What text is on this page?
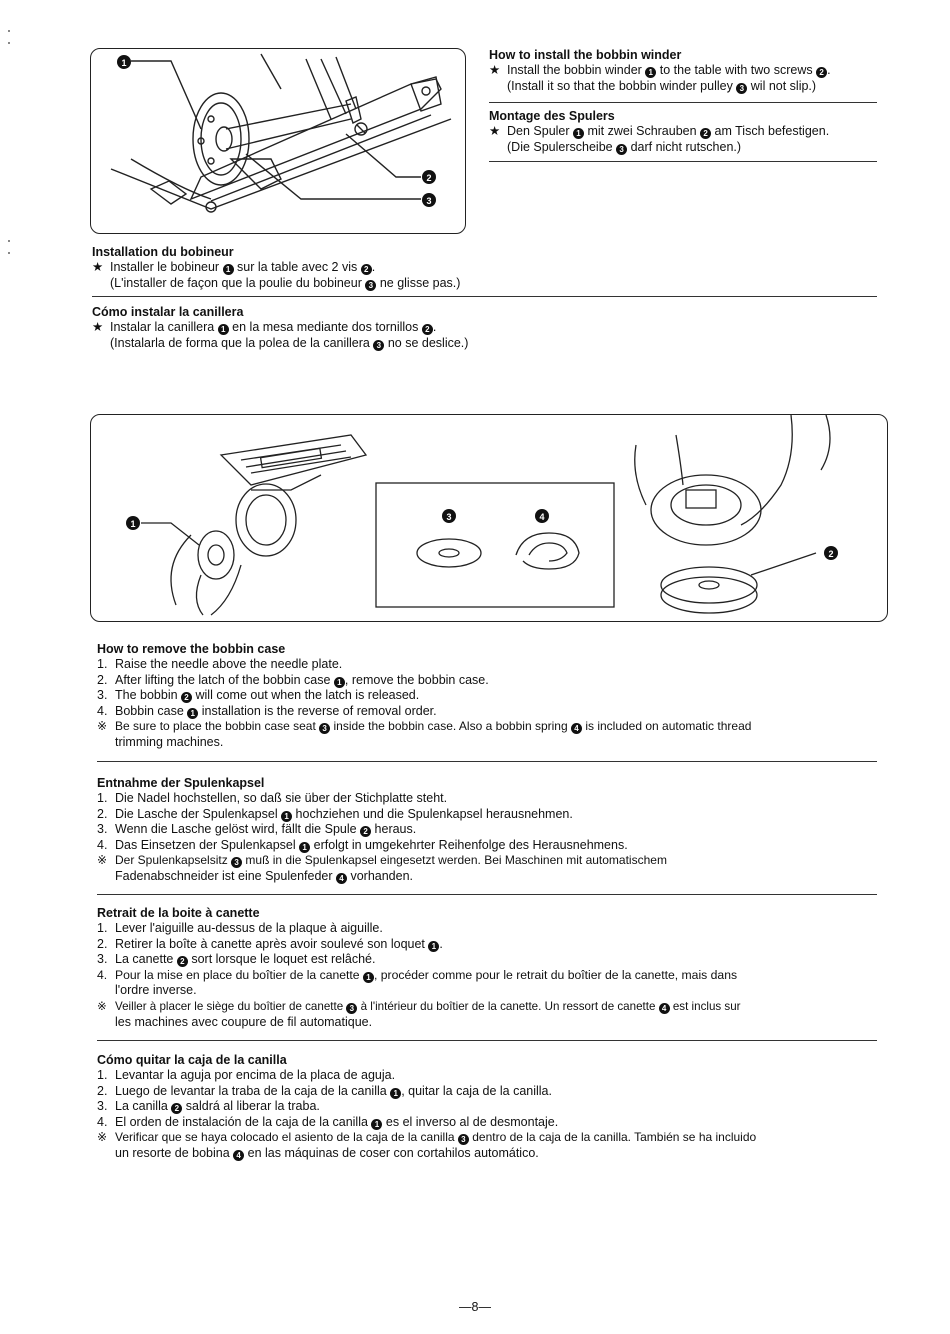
1
2
3
How to install the bobbin winder
★ Install the bobbin winder 1 to the table with two screws 2 .
(Install it so that the bobbin winder pulley 3 wil not slip.)
Montage des Spulers
★ Den Spuler 1 mit zwei Schrauben 2 am Tisch befestigen.
(Die Spulerscheibe 3 darf nicht rutschen.)
Installation du bobineur
★ Installer le bobineur 1 sur la table avec 2 vis 2 .
(L'installer de façon que la poulie du bobineur 3 ne glisse pas.)
Cómo instalar la canillera
★ Instalar la canillera 1 en la mesa mediante dos tornillos 2 .
(Instalarla de forma que la polea de la canillera 3 no se deslice.)
1
3	4
2
How to remove the bobbin case
1. Raise the needle above the needle plate.
2. After lifting the latch of the bobbin case 1 , remove the bobbin case.
3. The bobbin 2 will come out when the latch is released.
4. Bobbin case 1 installation is the reverse of removal order.
※ Be sure to place the bobbin case seat 3 inside the bobbin case. Also a bobbin spring 4 is included on automatic thread
trimming machines.
Entnahme der Spulenkapsel
1. Die Nadel hochstellen, so daß sie über der Stichplatte steht.
2. Die Lasche der Spulenkapsel 1 hochziehen und die Spulenkapsel herausnehmen.
3. Wenn die Lasche gelöst wird, fällt die Spule 2 heraus.
4. Das Einsetzen der Spulenkapsel 1 erfolgt in umgekehrter Reihenfolge des Herausnehmens.
※ Der Spulenkapselsitz 3 muß in die Spulenkapsel eingesetzt werden. Bei Maschinen mit automatischem
Fadenabschneider ist eine Spulenfeder 4 vorhanden.
Retrait de la boite à canette
1. Lever l'aiguille au-dessus de la plaque à aiguille.
2. Retirer la boîte à canette après avoir soulevé son loquet 1 .
3. La canette 2 sort lorsque le loquet est relâché.
4. Pour la mise en place du boîtier de la canette 1 , procéder comme pour le retrait du boîtier de la canette, mais dans
l'ordre inverse.
※ Veiller à placer le siège du boîtier de canette 3 à l'intérieur du boîtier de la canette. Un ressort de canette 4 est inclus sur
les machines avec coupure de fil automatique.
Cómo quitar la caja de la canilla
1. Levantar la aguja por encima de la placa de aguja.
2. Luego de levantar la traba de la caja de la canilla 1 , quitar la caja de la canilla.
3. La canilla 2 saldrá al liberar la traba.
4. El orden de instalación de la caja de la canilla 1 es el inverso al de desmontaje.
※ Verificar que se haya colocado el asiento de la caja de la canilla 3 dentro de la caja de la canilla. También se ha incluido
un resorte de bobina 4 en las máquinas de coser con cortahilos automático.
—8—
